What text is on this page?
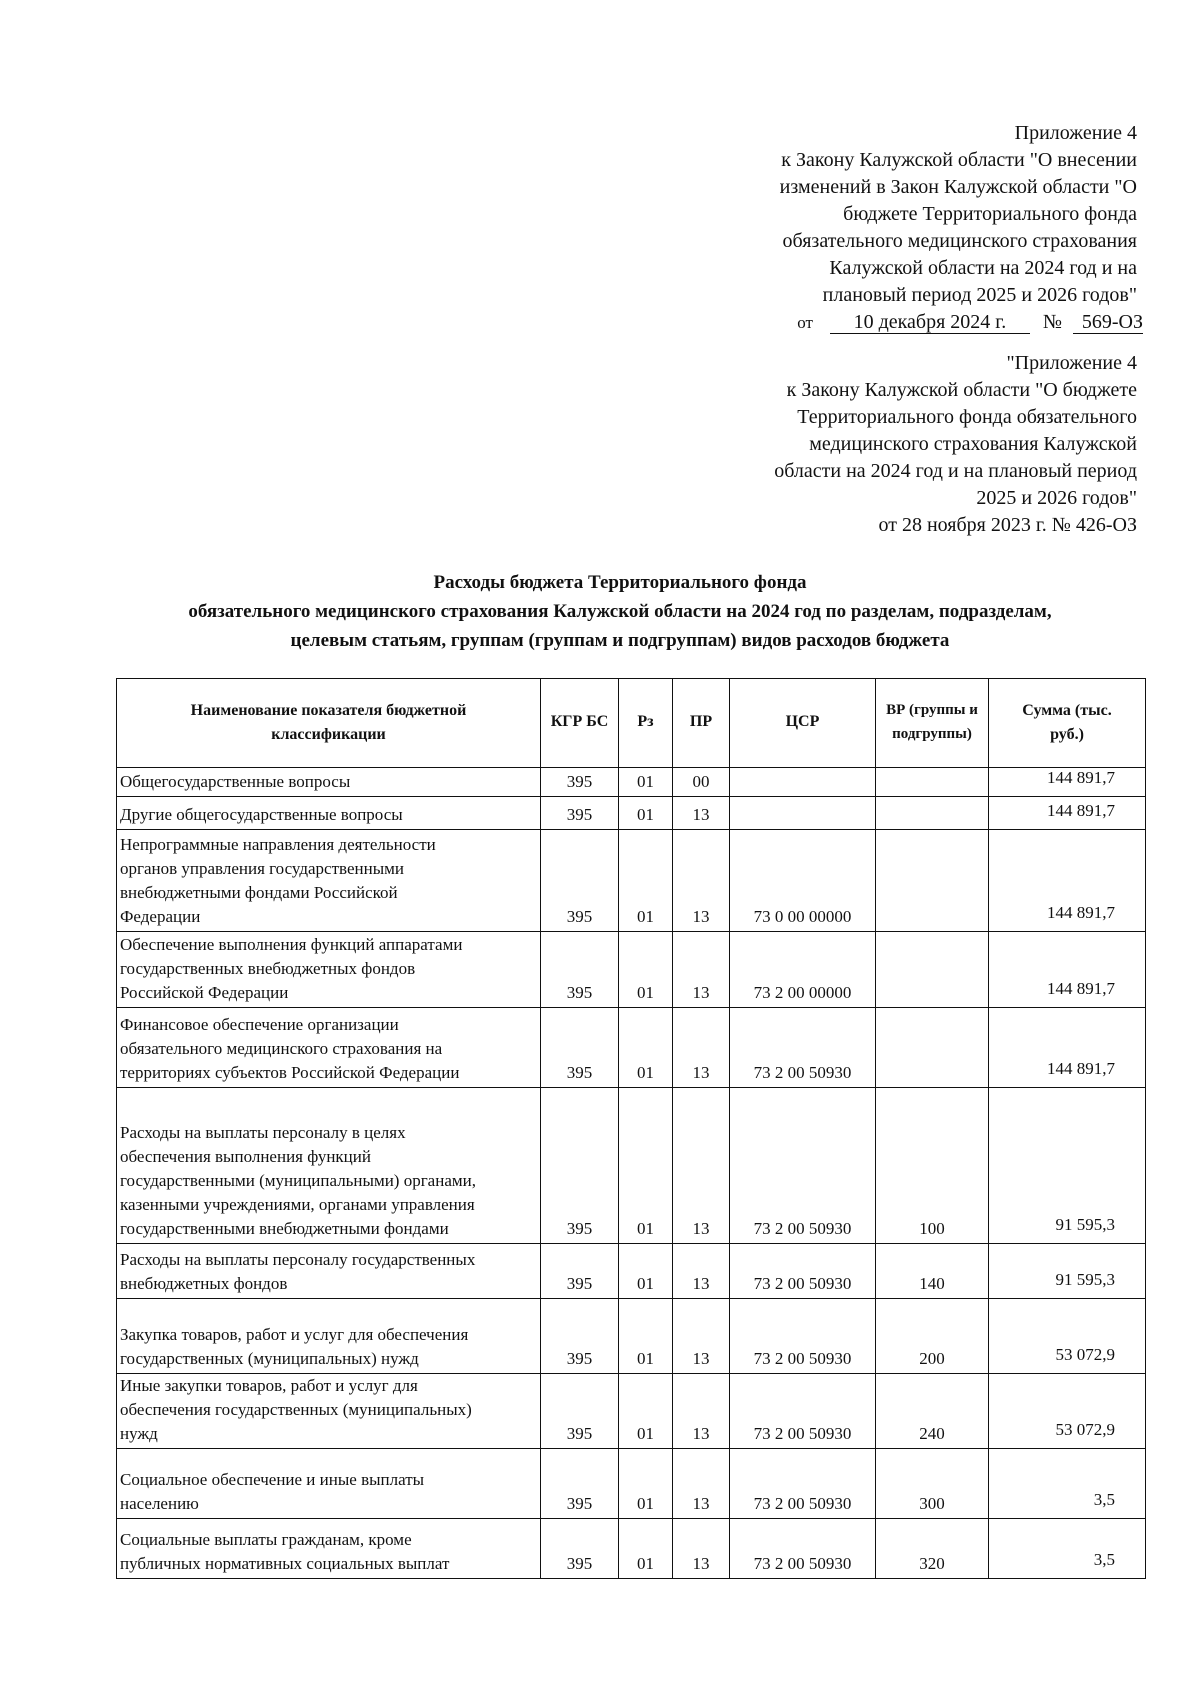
Приложение 4
к Закону Калужской области "О внесении
изменений в Закон Калужской области "О
бюджете Территориального фонда
обязательного медицинского страхования
Калужской области на 2024 год и на
плановый период 2025 и 2026 годов"
от 10 декабря 2024 г. № 569-ОЗ
"Приложение 4
к Закону Калужской области "О бюджете
Территориального фонда обязательного
медицинского страхования Калужской
области на 2024 год и на плановый период
2025 и 2026 годов"
от 28 ноября 2023 г. № 426-ОЗ
Расходы бюджета Территориального фонда
обязательного медицинского страхования Калужской области на 2024 год по разделам, подразделам,
целевым статьям, группам (группам и подгруппам) видов расходов бюджета
Наименование показателя бюджетной классификации	КГР БС	Рз	ПР	ЦСР	ВР (группы и подгруппы)	Сумма (тыс. руб.)
Общегосударственные вопросы	395	01	00			144 891,7
Другие общегосударственные вопросы	395	01	13			144 891,7
Непрограммные направления деятельности
органов управления государственными
внебюджетными фондами Российской
Федерации	395	01	13	73 0 00 00000		144 891,7
Обеспечение выполнения функций аппаратами
государственных внебюджетных фондов
Российской Федерации	395	01	13	73 2 00 00000		144 891,7
Финансовое обеспечение организации
обязательного медицинского страхования на
территориях субъектов Российской Федерации	395	01	13	73 2 00 50930		144 891,7
Расходы на выплаты персоналу в целях
обеспечения выполнения функций
государственными (муниципальными) органами,
казенными учреждениями, органами управления
государственными внебюджетными фондами	395	01	13	73 2 00 50930	100	91 595,3
Расходы на выплаты персоналу государственных
внебюджетных фондов	395	01	13	73 2 00 50930	140	91 595,3
Закупка товаров, работ и услуг для обеспечения
государственных (муниципальных) нужд	395	01	13	73 2 00 50930	200	53 072,9
Иные закупки товаров, работ и услуг для
обеспечения государственных (муниципальных)
нужд	395	01	13	73 2 00 50930	240	53 072,9
Социальное обеспечение и иные выплаты
населению	395	01	13	73 2 00 50930	300	3,5
Социальные выплаты гражданам, кроме
публичных нормативных социальных выплат	395	01	13	73 2 00 50930	320	3,5
